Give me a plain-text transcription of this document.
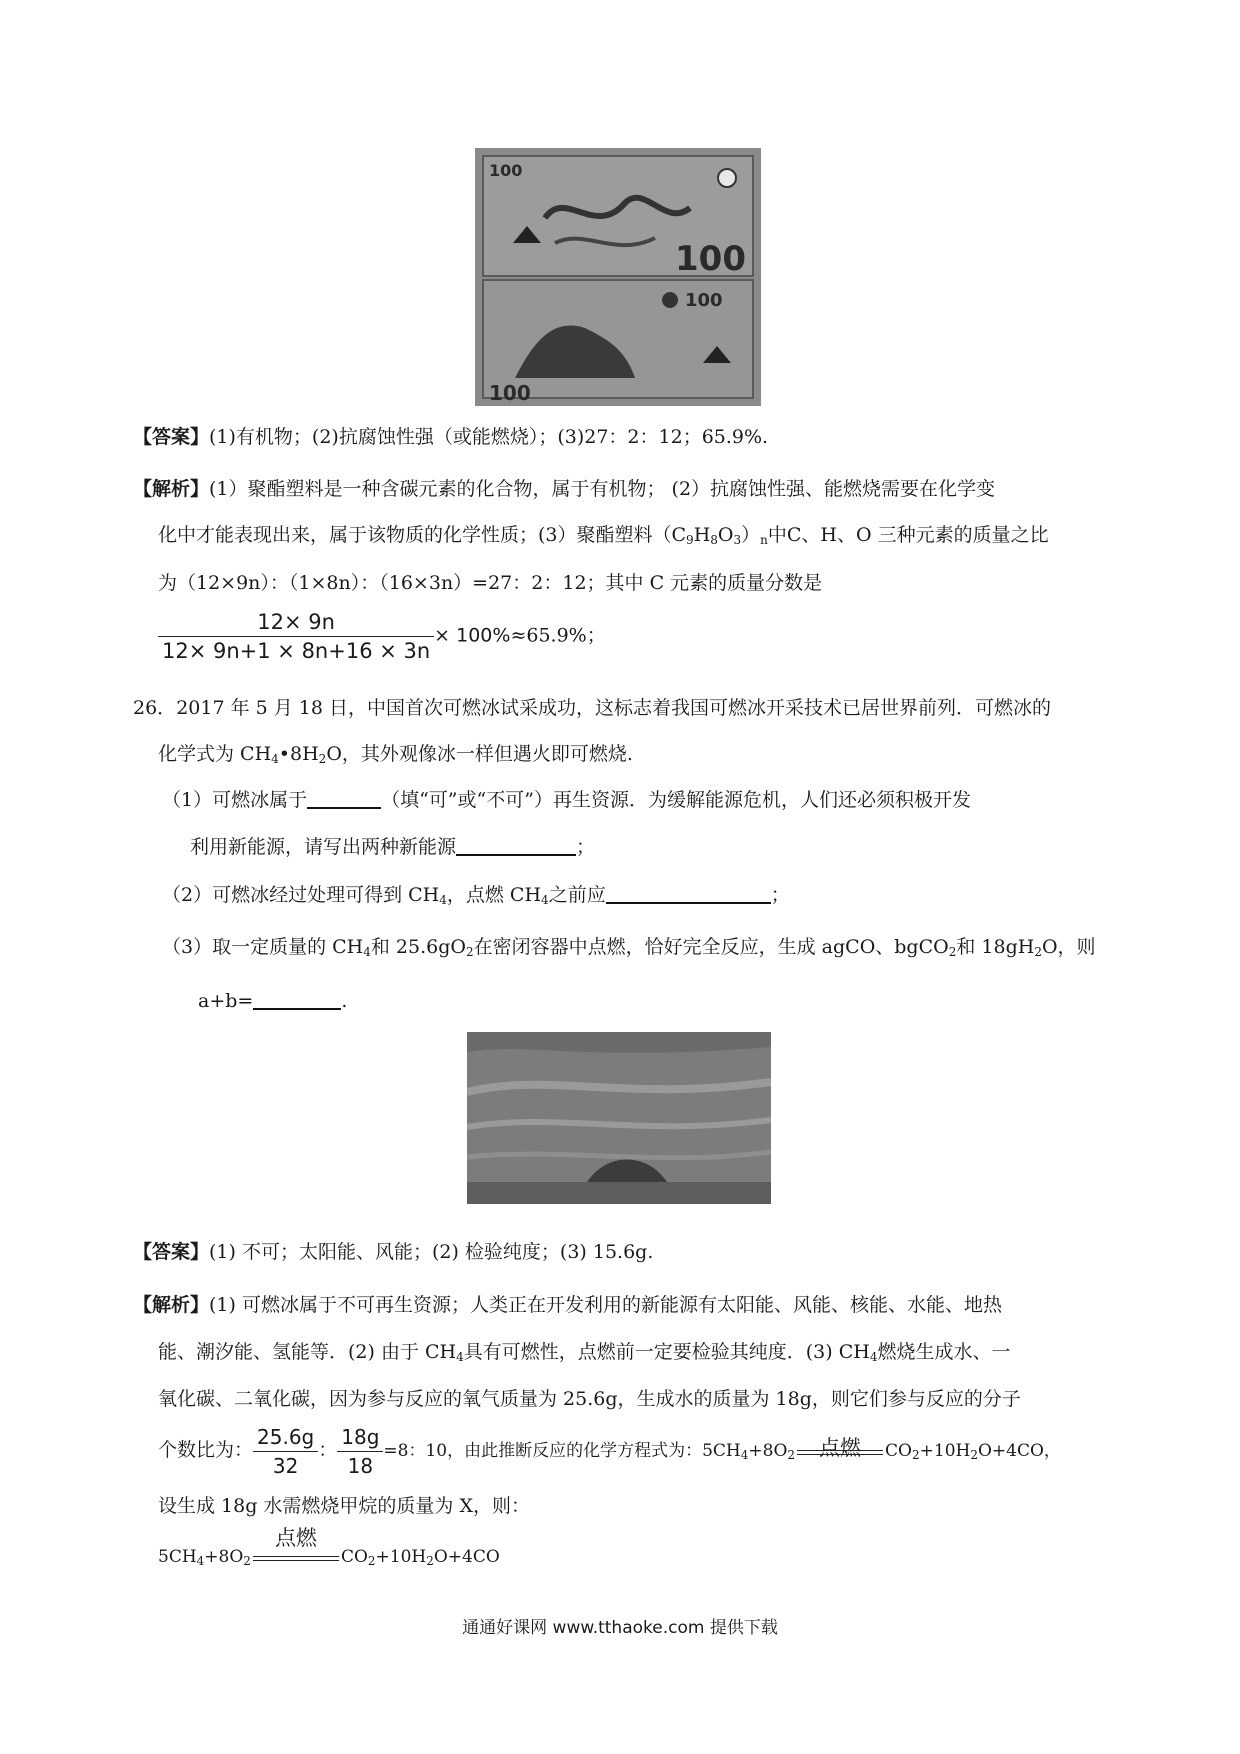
100
100
100
100
【答案】(1)有机物；(2)抗腐蚀性强（或能燃烧）；(3)27：2：12；65.9%.
【解析】(1）聚酯塑料是一种含碳元素的化合物，属于有机物； (2）抗腐蚀性强、能燃烧需要在化学变
化中才能表现出来，属于该物质的化学性质；(3）聚酯塑料$(C_9H_8O_3)_n$中C、H、O 三种元素的质量之比
为（12×9n）：（1×8n）：（16×3n）=27：2：12；其中 C 元素的质量分数是
$\frac{12\times 9n}{12\times 9n+1 \times 8n+16 \times 3n} \times 100\%\approx 65.9\%$；
26．2017 年 5 月 18 日，中国首次可燃冰试采成功，这标志着我国可燃冰开采技术已居世界前列．可燃冰的
化学式为 $CH_4•8H_2O$，其外观像冰一样但遇火即可燃烧.
（1）可燃冰属于	（填“可”或“不可”）再生资源．为缓解能源危机，人们还必须积极开发
利用新能源，请写出两种新能源	；
（2）可燃冰经过处理可得到 $CH_4$，点燃 $CH_4$之前应	；
（3）取一定质量的 $CH_4$和 $25.6gO_2$在密闭容器中点燃，恰好完全反应，生成 agCO、bgCO$_2$和 $18gH_2O$，则
a+b=	.
【答案】(1) 不可；太阳能、风能；(2) 检验纯度；(3) 15.6g.
【解析】(1) 可燃冰属于不可再生资源；人类正在开发利用的新能源有太阳能、风能、核能、水能、地热
能、潮汐能、氢能等．(2) 由于 $CH_4$具有可燃性，点燃前一定要检验其纯度．(3) $CH_4$燃烧生成水、一
氧化碳、二氧化碳，因为参与反应的氧气质量为 25.6g，生成水的质量为 18g，则它们参与反应的分子
个数比为： $\frac{25.6g}{32}$ ： $\frac{18g}{18} =8$：10，由此推断反应的化学方程式为：$5CH_4+8O_2$	点燃	$CO_2+10H_2O+4CO$，
设生成 18g 水需燃烧甲烷的质量为 X，则：
$5CH_4+8O_2$
点燃
$CO_2+10H_2O+4CO$
通通好课网 www.tthaoke.com 提供下载
